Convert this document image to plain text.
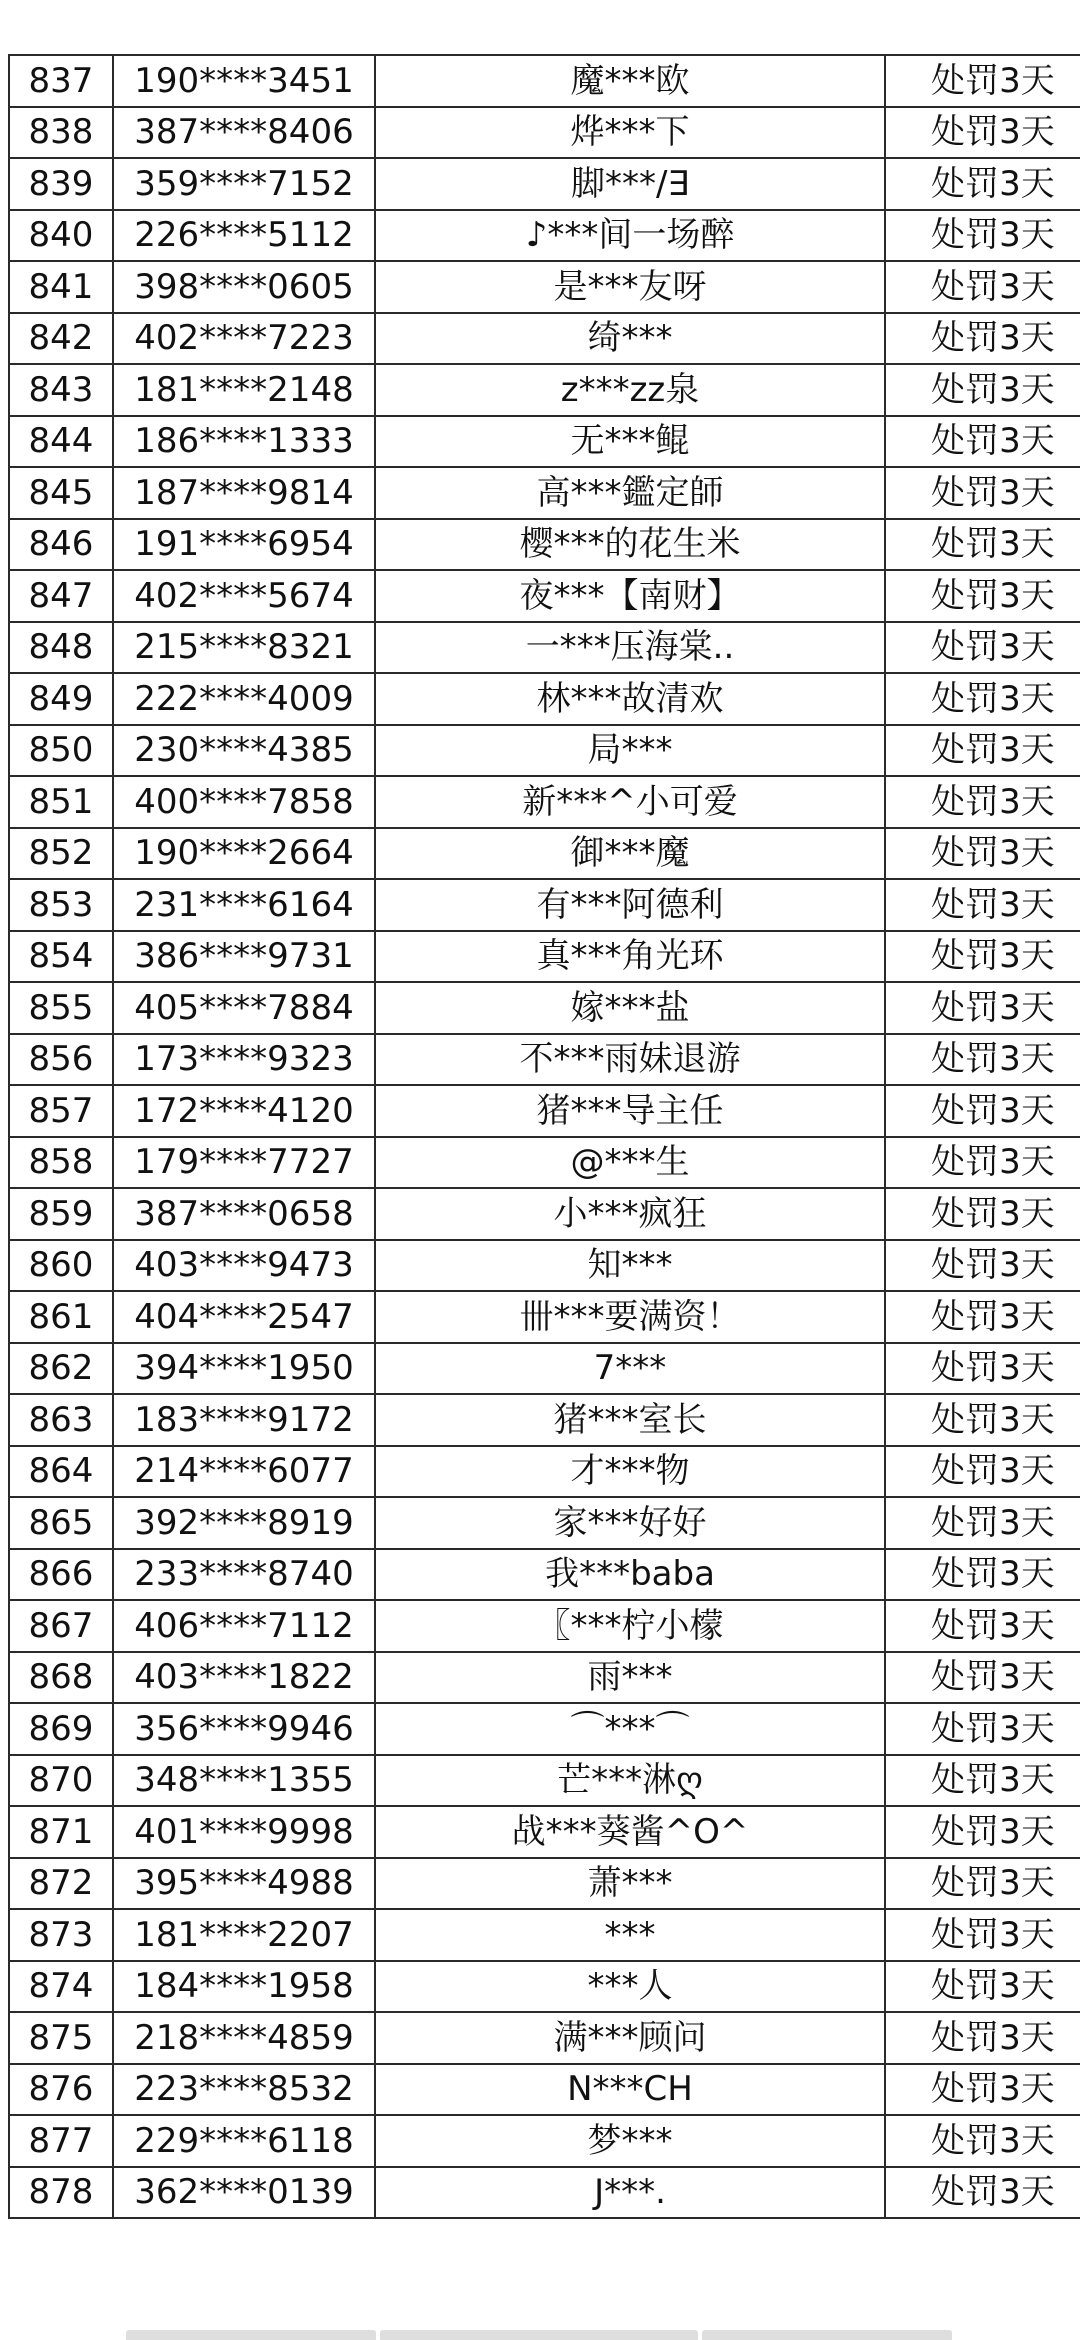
837	190****3451	魔***欧	处罚3天
838	387****8406	烨***下	处罚3天
839	359****7152	脚***/∃	处罚3天
840	226****5112	♪***间一场醉	处罚3天
841	398****0605	是***友呀	处罚3天
842	402****7223	绮***	处罚3天
843	181****2148	z***zz泉	处罚3天
844	186****1333	无***鲲	处罚3天
845	187****9814	高***鑑定師	处罚3天
846	191****6954	樱***的花生米	处罚3天
847	402****5674	夜***【南财】	处罚3天
848	215****8321	一***压海棠..	处罚3天
849	222****4009	林***故清欢	处罚3天
850	230****4385	局***	处罚3天
851	400****7858	新***^小可爱	处罚3天
852	190****2664	御***魔	处罚3天
853	231****6164	有***阿德利	处罚3天
854	386****9731	真***角光环	处罚3天
855	405****7884	嫁***盐	处罚3天
856	173****9323	不***雨妹退游	处罚3天
857	172****4120	猪***导主任	处罚3天
858	179****7727	@***生	处罚3天
859	387****0658	小***疯狂	处罚3天
860	403****9473	知***	处罚3天
861	404****2547	卌***要满资！	处罚3天
862	394****1950	7***	处罚3天
863	183****9172	猪***室长	处罚3天
864	214****6077	才***物	处罚3天
865	392****8919	家***好好	处罚3天
866	233****8740	我***baba	处罚3天
867	406****7112	〖***柠小檬	处罚3天
868	403****1822	雨***	处罚3天
869	356****9946	⌒***⌒	处罚3天
870	348****1355	芒***淋ღ	处罚3天
871	401****9998	战***葵酱^O^	处罚3天
872	395****4988	萧***	处罚3天
873	181****2207	***	处罚3天
874	184****1958	***人	处罚3天
875	218****4859	满***顾问	处罚3天
876	223****8532	N***CH	处罚3天
877	229****6118	梦***	处罚3天
878	362****0139	J***.	处罚3天
